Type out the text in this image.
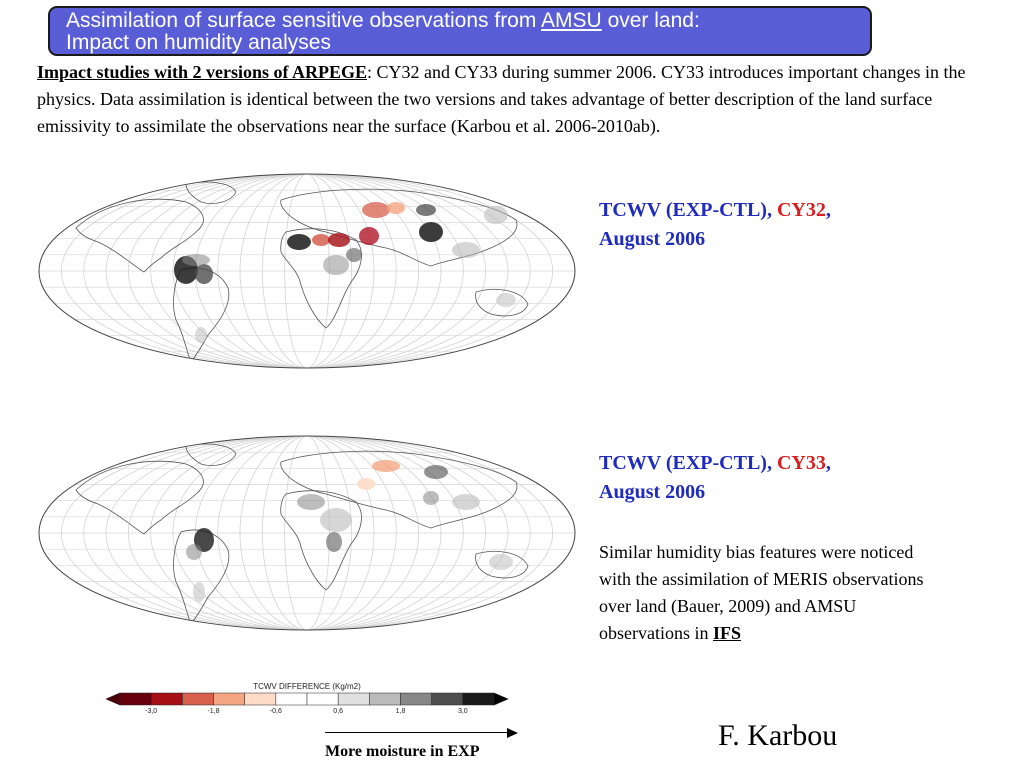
Assimilation of surface sensitive observations from AMSU over land:
Impact on humidity analyses

Impact studies with 2 versions of ARPEGE: CY32 and CY33 during summer 2006. CY33 introduces important changes in the physics. Data assimilation is identical between the two versions and takes advantage of better description of the land surface emissivity to assimilate the observations near the surface (Karbou et al. 2006-2010ab).

TCWV (EXP-CTL), CY32,
August 2006
TCWV (EXP-CTL), CY33,
August 2006

Similar humidity bias features were noticed with the assimilation of MERIS observations over land (Bauer, 2009) and AMSU observations in IFS

TCWV DIFFERENCE (Kg/m2)
-3,0	-1,8	-0,6	0,6	1,8	3,0
More moisture in EXP	F. Karbou
